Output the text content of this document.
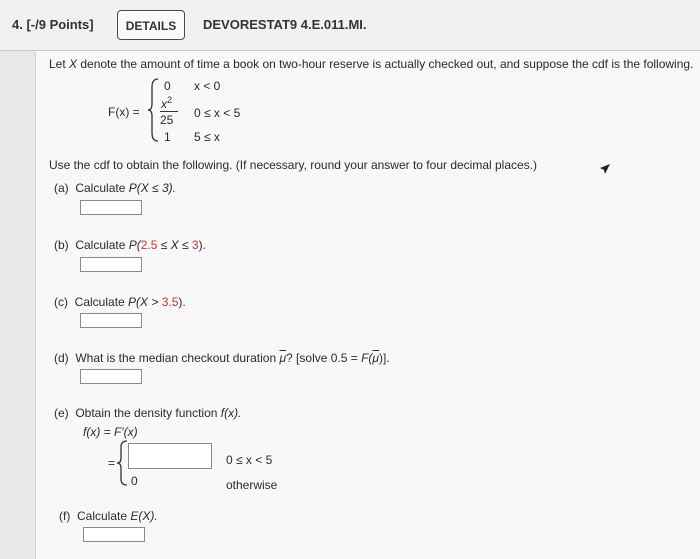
4. [-/9 Points]	DETAILS	DEVORESTAT9 4.E.011.MI.
Let X denote the amount of time a book on two-hour reserve is actually checked out, and suppose the cdf is the following.
F(x) =
0 x < 0
$x^2$
25 0 ≤ x < 5
1 5 ≤ x
Use the cdf to obtain the following. (If necessary, round your answer to four decimal places.)
(a) Calculate P(X ≤ 3).
(b) Calculate P(2.5 ≤ X ≤ 3).
(c) Calculate P(X > 3.5).
(d) What is the median checkout duration $\overline{\mu}$? [solve $0.5 = F(\overline{\mu})$].
(e) Obtain the density function f(x).
f(x) = F′(x)
=	0 ≤ x < 5
0	otherwise
(f) Calculate E(X).
